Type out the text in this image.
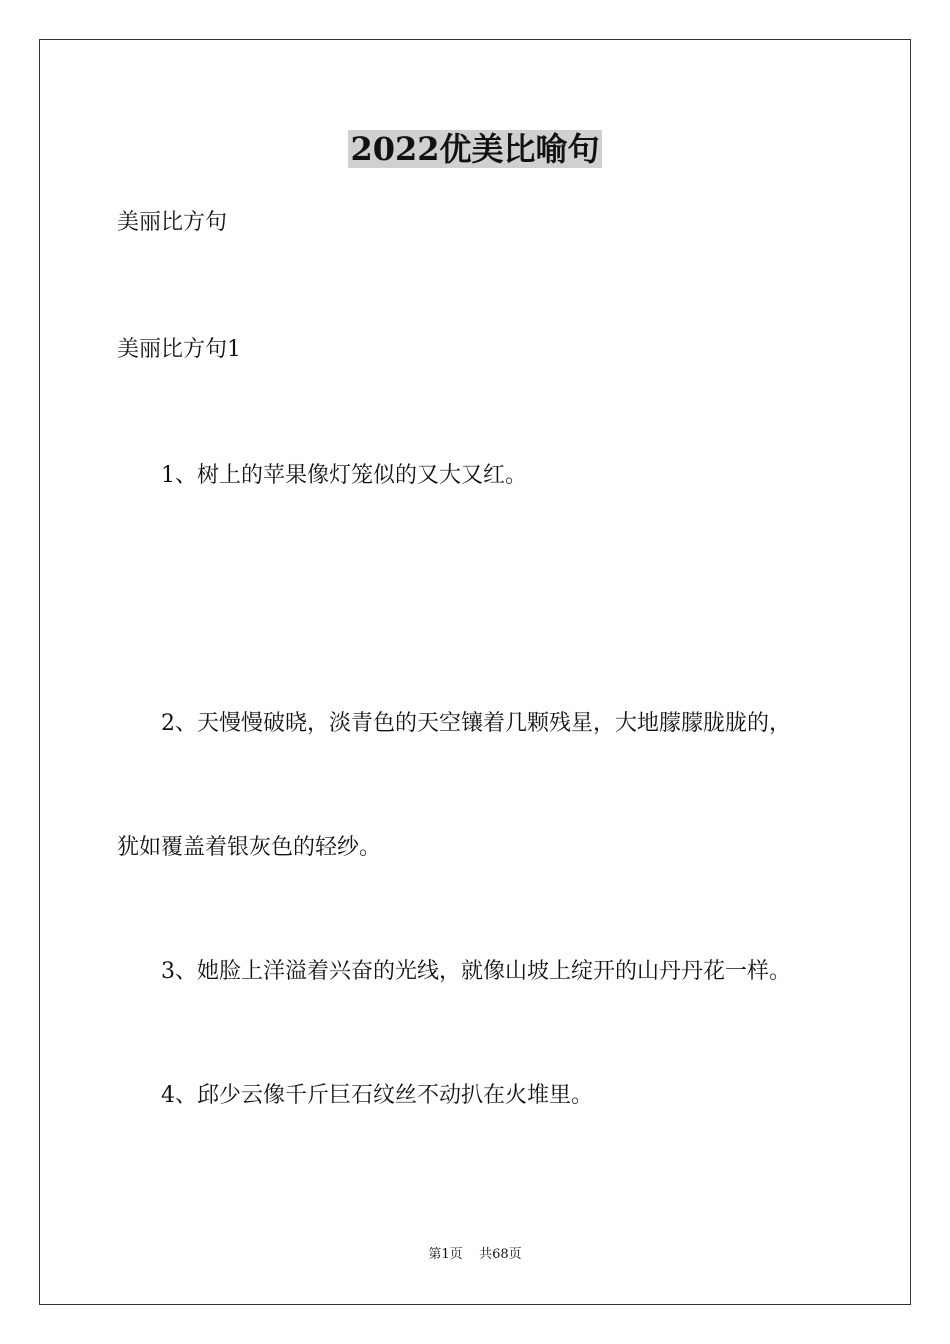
2022优美比喻句
美丽比方句
美丽比方句1
1、树上的苹果像灯笼似的又大又红。
2、天慢慢破晓，淡青色的天空镶着几颗残星，大地朦朦胧胧的，
犹如覆盖着银灰色的轻纱。
3、她脸上洋溢着兴奋的光线，就像山坡上绽开的山丹丹花一样。
4、邱少云像千斤巨石纹丝不动扒在火堆里。
第1页 共68页
